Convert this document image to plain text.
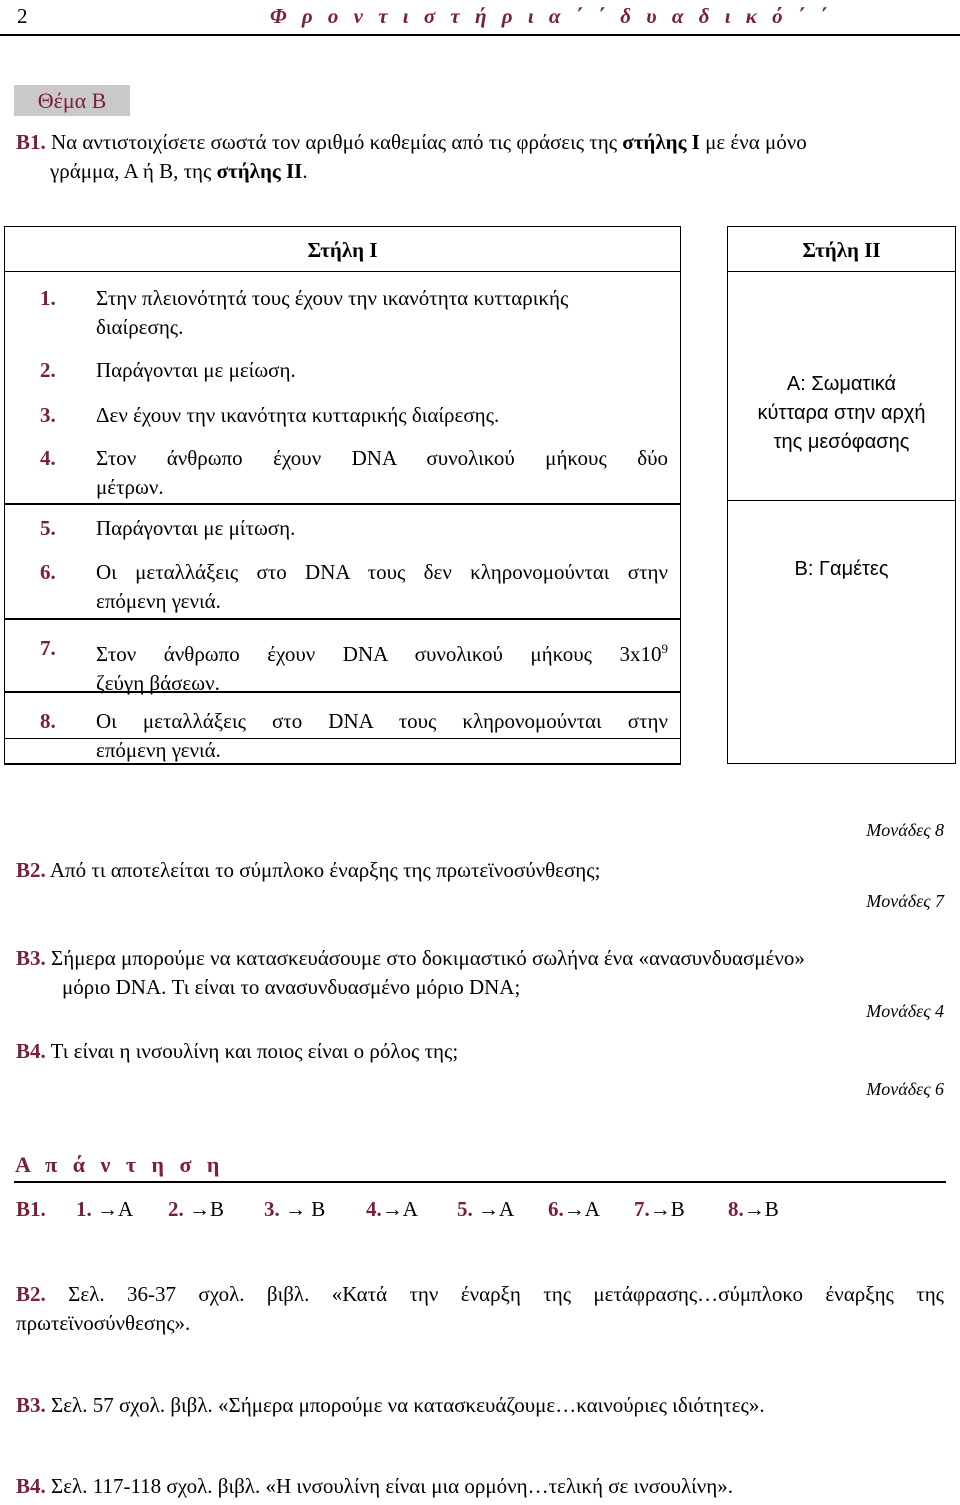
2	Φ ρ ο ν τ ι σ τ ή ρ ι α ΄ ΄ δ υ α δ ι κ ό ΄ ΄
Θέμα Β
Β1. Να αντιστοιχίσετε σωστά τον αριθμό καθεμίας από τις φράσεις της στήλης Ι με ένα μόνο
γράμμα, Α ή Β, της στήλης ΙΙ.
Στήλη Ι
1. Στην πλειονότητά τους έχουν την ικανότητα κυτταρικής
διαίρεσης.
2.	Παράγονται με μείωση.
3.	Δεν έχουν την ικανότητα κυτταρικής διαίρεσης.
4. Στον άνθρωπο έχουν DNA συνολικού μήκους δύο
μέτρων.
5.	Παράγονται με μίτωση.
6. Οι μεταλλάξεις στο DNA τους δεν κληρονομούνται στην
επόμενη γενιά.
7. Στον άνθρωπο έχουν DNA συνολικού μήκους $3x10^9$
ζεύγη βάσεων.
8. Οι μεταλλάξεις στο DNA τους κληρονομούνται στην
επόμενη γενιά.
Στήλη ΙΙ
Α: Σωματικά
κύτταρα στην αρχή
της μεσόφασης
Β: Γαμέτες
Μονάδες 8
Β2. Από τι αποτελείται το σύμπλοκο έναρξης της πρωτεϊνοσύνθεσης;
Μονάδες 7
Β3. Σήμερα μπορούμε να κατασκευάσουμε στο δοκιμαστικό σωλήνα ένα «ανασυνδυασμένο»
μόριο DNA. Τι είναι το ανασυνδυασμένο μόριο DNA;
Μονάδες 4
Β4. Τι είναι η ινσουλίνη και ποιος είναι ο ρόλος της;
Μονάδες 6
Α π ά ν τ η σ η
Β1. 1. →Α 2. →Β 3. → Β 4.→Α 5. →Α 6.→Α 7.→Β 8.→Β
Β2. Σελ. 36-37 σχολ. βιβλ. «Κατά την έναρξη της μετάφρασης…σύμπλοκο έναρξης της
πρωτεϊνοσύνθεσης».
Β3. Σελ. 57 σχολ. βιβλ. «Σήμερα μπορούμε να κατασκευάζουμε…καινούριες ιδιότητες».
Β4. Σελ. 117-118 σχολ. βιβλ. «Η ινσουλίνη είναι μια ορμόνη…τελική σε ινσουλίνη».
